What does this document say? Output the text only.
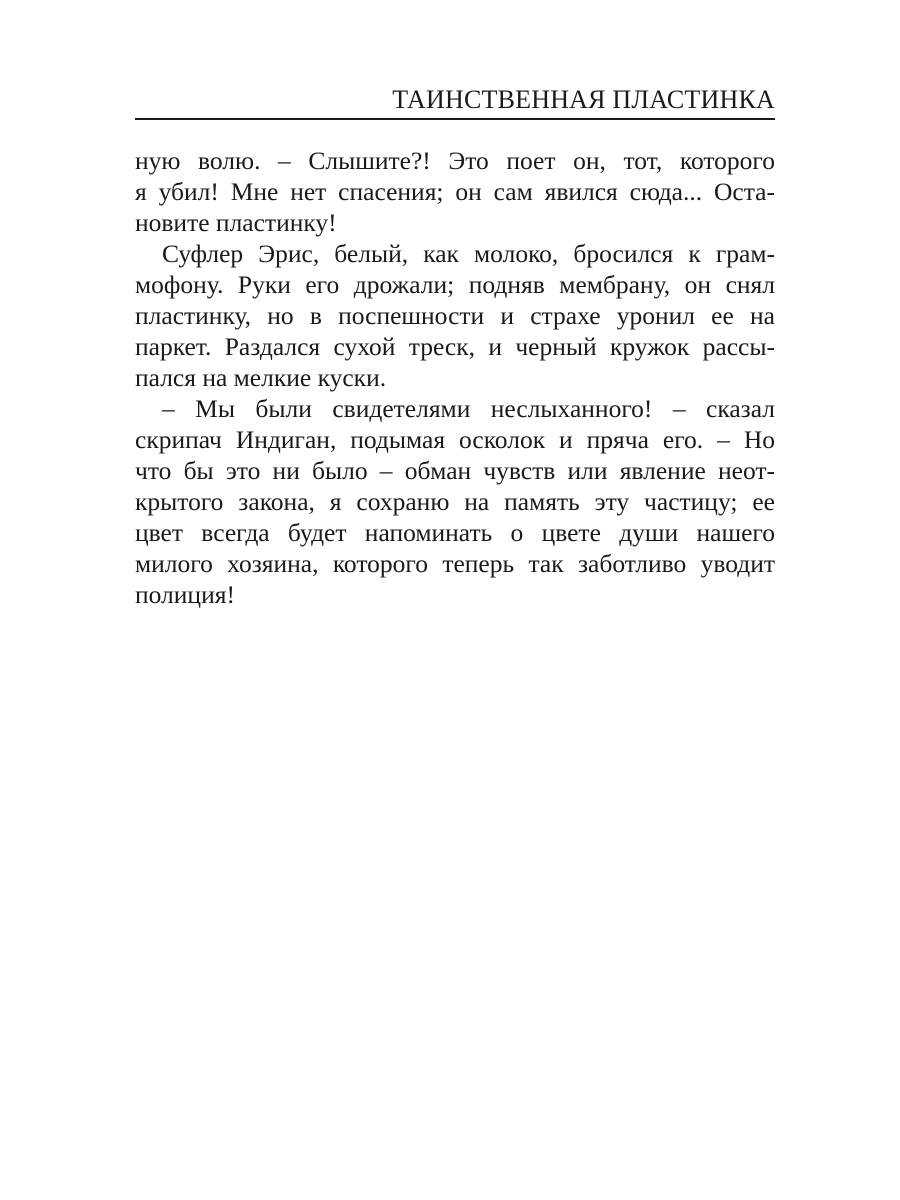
ТАИНСТВЕННАЯ ПЛАСТИНКА
ную волю. – Слышите?! Это поет он, тот, которого
я убил! Мне нет спасения; он сам явился сюда... Оста-
новите пластинку!
Суфлер Эрис, белый, как молоко, бросился к грам-
мофону. Руки его дрожали; подняв мембрану, он снял
пластинку, но в поспешности и страхе уронил ее на
паркет. Раздался сухой треск, и черный кружок рассы-
пался на мелкие куски.
– Мы были свидетелями неслыханного! – сказал
скрипач Индиган, подымая осколок и пряча его. – Но
что бы это ни было – обман чувств или явление неот-
крытого закона, я сохраню на память эту частицу; ее
цвет всегда будет напоминать о цвете души нашего
милого хозяина, которого теперь так заботливо уводит
полиция!
